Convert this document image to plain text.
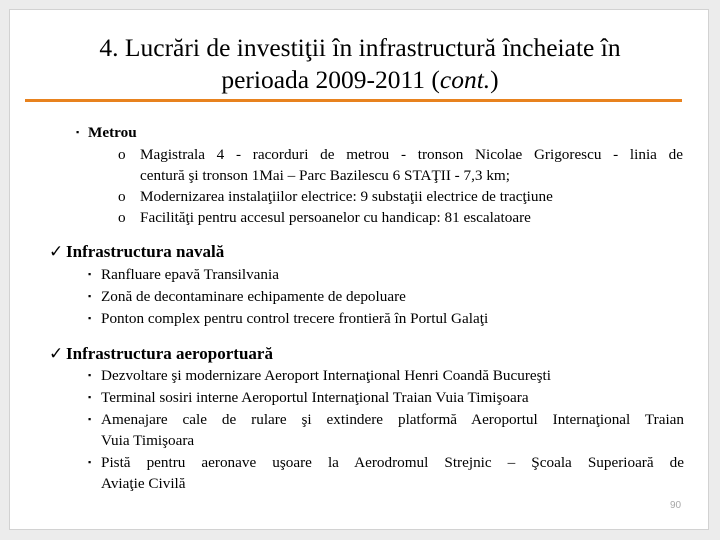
4. Lucrări de investiţii în infrastructură încheiate în
perioada 2009-2011 (cont.)
▪ Metrou
o Magistrala 4 - racorduri de metrou - tronson Nicolae Grigorescu - linia de
centură şi tronson 1Mai – Parc Bazilescu 6 STAŢII - 7,3 km;
o Modernizarea instalaţiilor electrice: 9 substaţii electrice de tracţiune
o Facilităţi pentru accesul persoanelor cu handicap: 81 escalatoare
✓ Infrastructura navală
▪ Ranfluare epavă Transilvania
▪ Zonă de decontaminare echipamente de depoluare
▪ Ponton complex pentru control trecere frontieră în Portul Galaţi
✓ Infrastructura aeroportuară
▪ Dezvoltare şi modernizare Aeroport Internaţional Henri Coandă Bucureşti
▪ Terminal sosiri interne Aeroportul Internaţional Traian Vuia Timişoara
▪ Amenajare cale de rulare şi extindere platformă Aeroportul Internaţional Traian
Vuia Timişoara
▪ Pistă pentru aeronave uşoare la Aerodromul Strejnic – Şcoala Superioară de
Aviaţie Civilă
90
